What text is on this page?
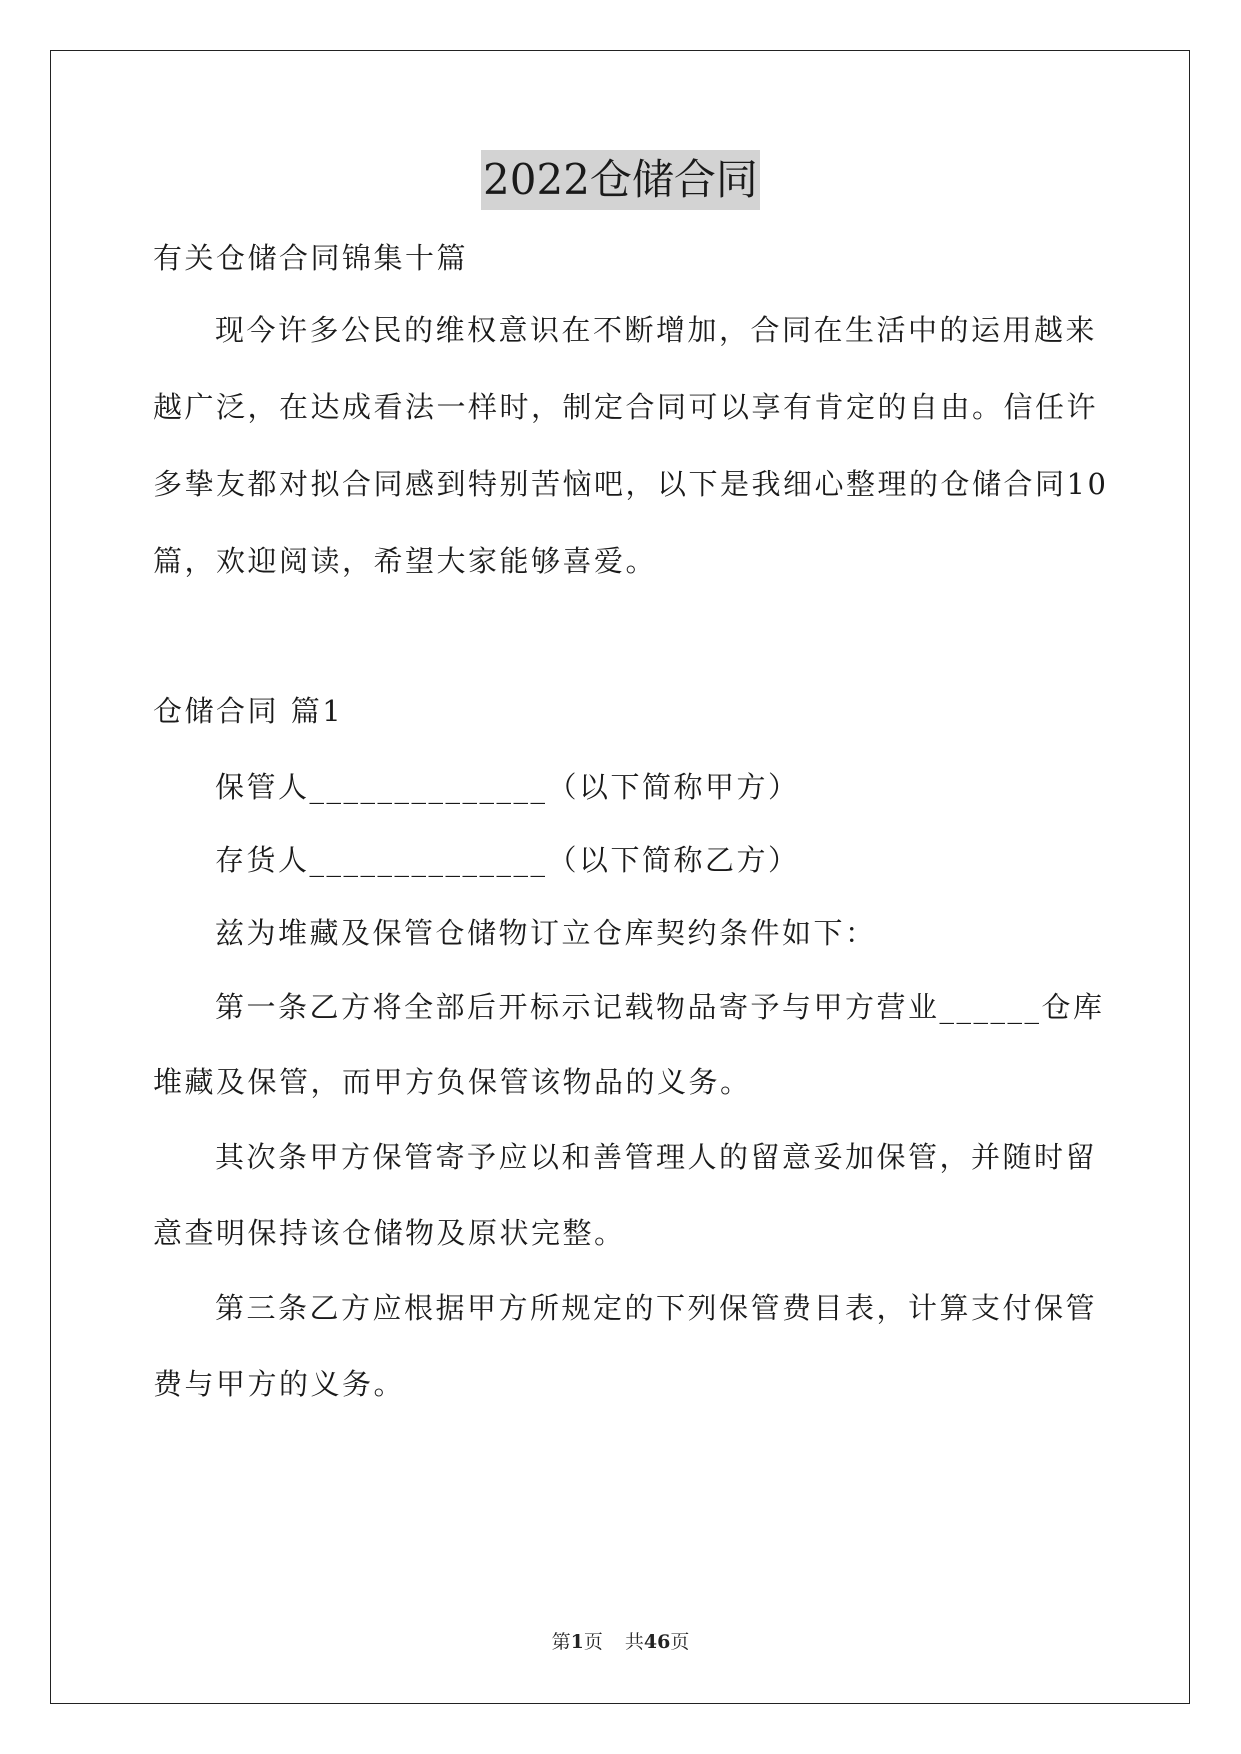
2022仓储合同
有关仓储合同锦集十篇
现今许多公民的维权意识在不断增加，合同在生活中的运用越来
越广泛，在达成看法一样时，制定合同可以享有肯定的自由。信任许
多挚友都对拟合同感到特别苦恼吧，以下是我细心整理的仓储合同10
篇，欢迎阅读，希望大家能够喜爱。
仓储合同 篇1
保管人______________（以下简称甲方）
存货人______________（以下简称乙方）
兹为堆藏及保管仓储物订立仓库契约条件如下：
第一条乙方将全部后开标示记载物品寄予与甲方营业______仓库
堆藏及保管，而甲方负保管该物品的义务。
其次条甲方保管寄予应以和善管理人的留意妥加保管，并随时留
意查明保持该仓储物及原状完整。
第三条乙方应根据甲方所规定的下列保管费目表，计算支付保管
费与甲方的义务。
第1页 共46页
